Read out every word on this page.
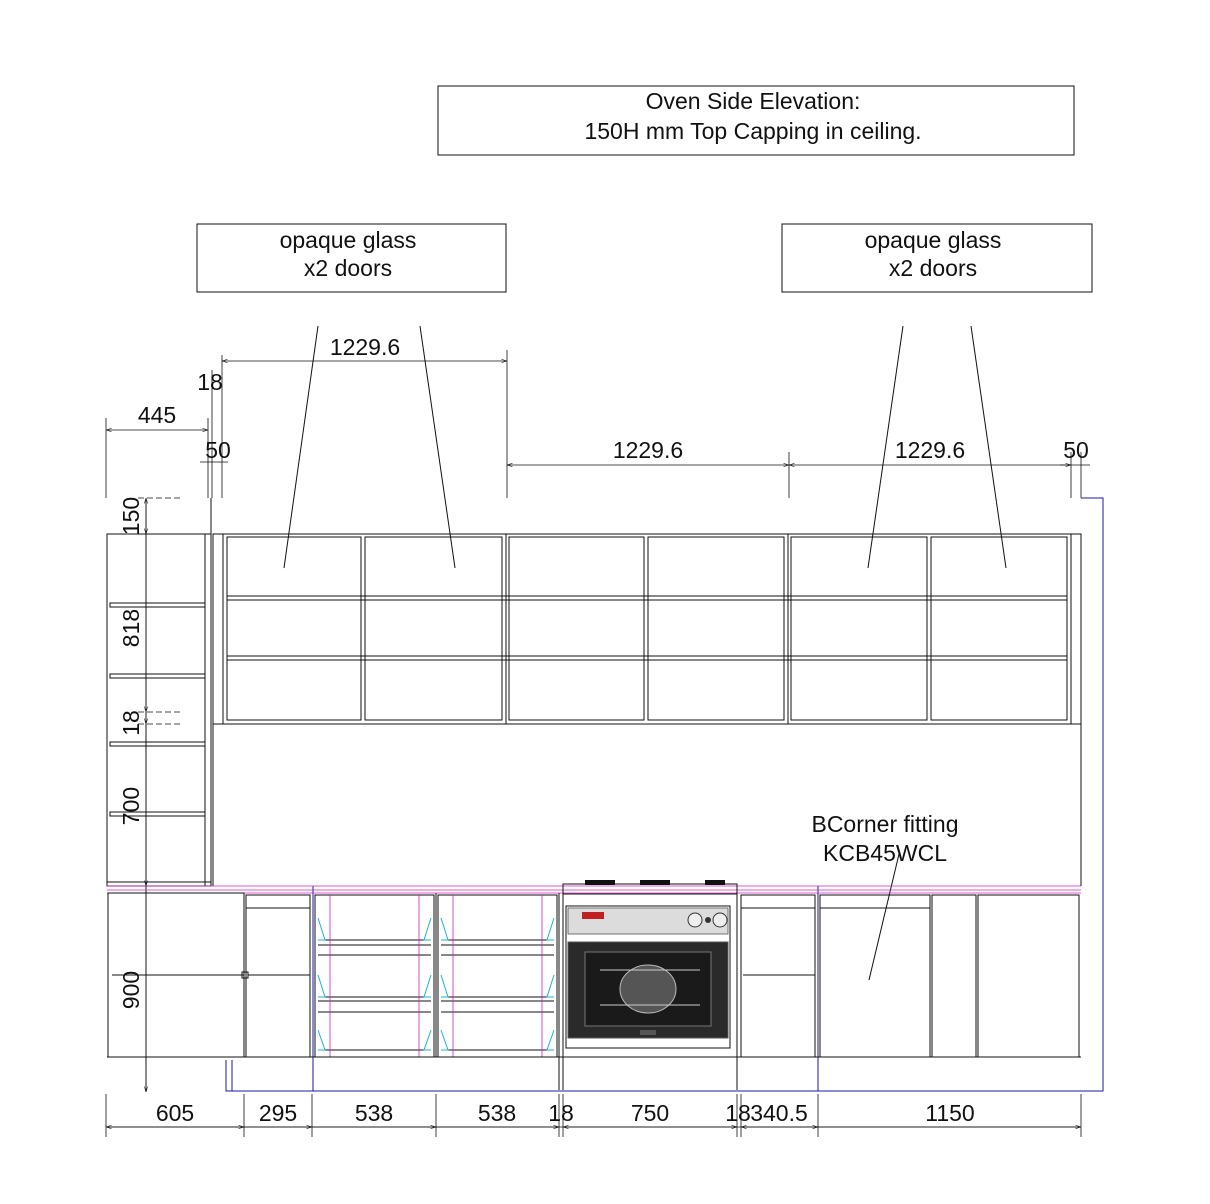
Oven Side Elevation:
150H mm Top Capping in ceiling.
opaque glass
x2 doors
opaque glass
x2 doors
445
18
50
1229.6
1229.6	1229.6	50
150
818
18
700
900
BCorner fitting
KCB45WCL
605	295	538	538 18 750 18 340.5	1150
